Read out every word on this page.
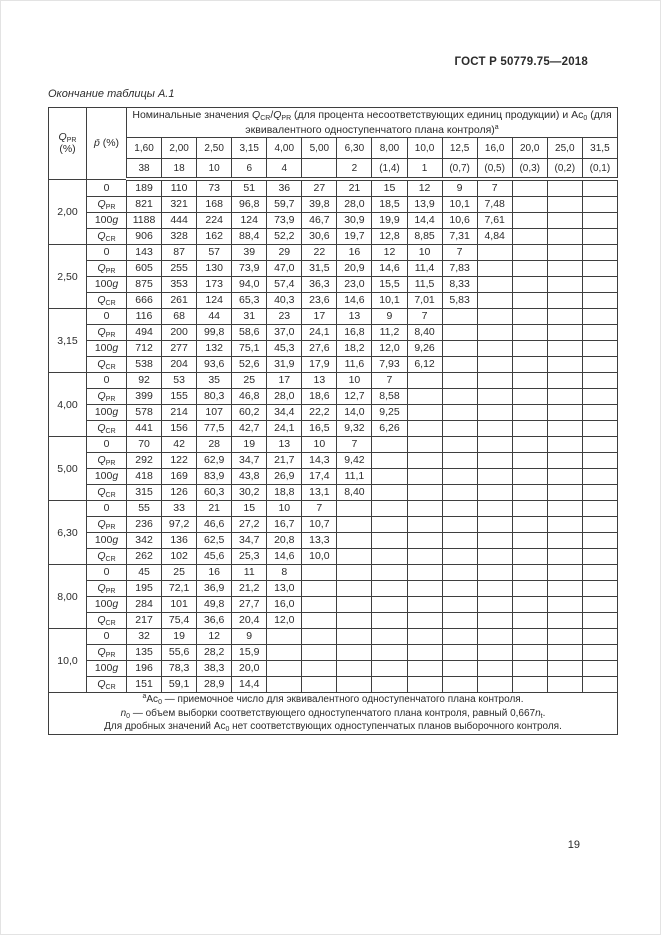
ГОСТ Р 50779.75—2018
Окончание таблицы А.1
$Q_{PR}$ (%)	p̄ (%)	Номинальные значения $Q_{CR}/Q_{PR}$ (для процента несоответствующих единиц продукции) и $Ac_0$ (для эквивалентного одноступенчатого плана контроля)$^a$
		1,60	2,00	2,50	3,15	4,00	5,00	6,30	8,00	10,0	12,5	16,0	20,0	25,0	31,5
		38	18	10	6	4		2	(1,4)	1	(0,7)	(0,5)	(0,3)	(0,2)	(0,1)
2,00	0	189	110	73	51	36	27	21	15	12	9	7			
	$Q_{PR}$	821	321	168	96,8	59,7	39,8	28,0	18,5	13,9	10,1	7,48			
	100g	1188	444	224	124	73,9	46,7	30,9	19,9	14,4	10,6	7,61			
	$Q_{CR}$	906	328	162	88,4	52,2	30,6	19,7	12,8	8,85	7,31	4,84			
2,50	0	143	87	57	39	29	22	16	12	10	7				
	$Q_{PR}$	605	255	130	73,9	47,0	31,5	20,9	14,6	11,4	7,83				
	100g	875	353	173	94,0	57,4	36,3	23,0	15,5	11,5	8,33				
	$Q_{CR}$	666	261	124	65,3	40,3	23,6	14,6	10,1	7,01	5,83				
3,15	0	116	68	44	31	23	17	13	9	7					
	$Q_{PR}$	494	200	99,8	58,6	37,0	24,1	16,8	11,2	8,40					
	100g	712	277	132	75,1	45,3	27,6	18,2	12,0	9,26					
	$Q_{CR}$	538	204	93,6	52,6	31,9	17,9	11,6	7,93	6,12					
4,00	0	92	53	35	25	17	13	10	7						
	$Q_{PR}$	399	155	80,3	46,8	28,0	18,6	12,7	8,58						
	100g	578	214	107	60,2	34,4	22,2	14,0	9,25						
	$Q_{CR}$	441	156	77,5	42,7	24,1	16,5	9,32	6,26						
5,00	0	70	42	28	19	13	10	7							
	$Q_{PR}$	292	122	62,9	34,7	21,7	14,3	9,42							
	100g	418	169	83,9	43,8	26,9	17,4	11,1							
	$Q_{CR}$	315	126	60,3	30,2	18,8	13,1	8,40							
6,30	0	55	33	21	15	10	7								
	$Q_{PR}$	236	97,2	46,6	27,2	16,7	10,7								
	100g	342	136	62,5	34,7	20,8	13,3								
	$Q_{CR}$	262	102	45,6	25,3	14,6	10,0								
8,00	0	45	25	16	11	8									
	$Q_{PR}$	195	72,1	36,9	21,2	13,0									
	100g	284	101	49,8	27,7	16,0									
	$Q_{CR}$	217	75,4	36,6	20,4	12,0									
10,0	0	32	19	12	9										
	$Q_{PR}$	135	55,6	28,2	15,9										
	100g	196	78,3	38,3	20,0										
	$Q_{CR}$	151	59,1	28,9	14,4										

$^aAc_0$ — приемочное число для эквивалентного одноступенчатого плана контроля.
$n_0$ — объем выборки соответствующего одноступенчатого плана контроля, равный $0,667n_t$.
Для дробных значений $Ac_0$ нет соответствующих одноступенчатых планов выборочного контроля.															
19
